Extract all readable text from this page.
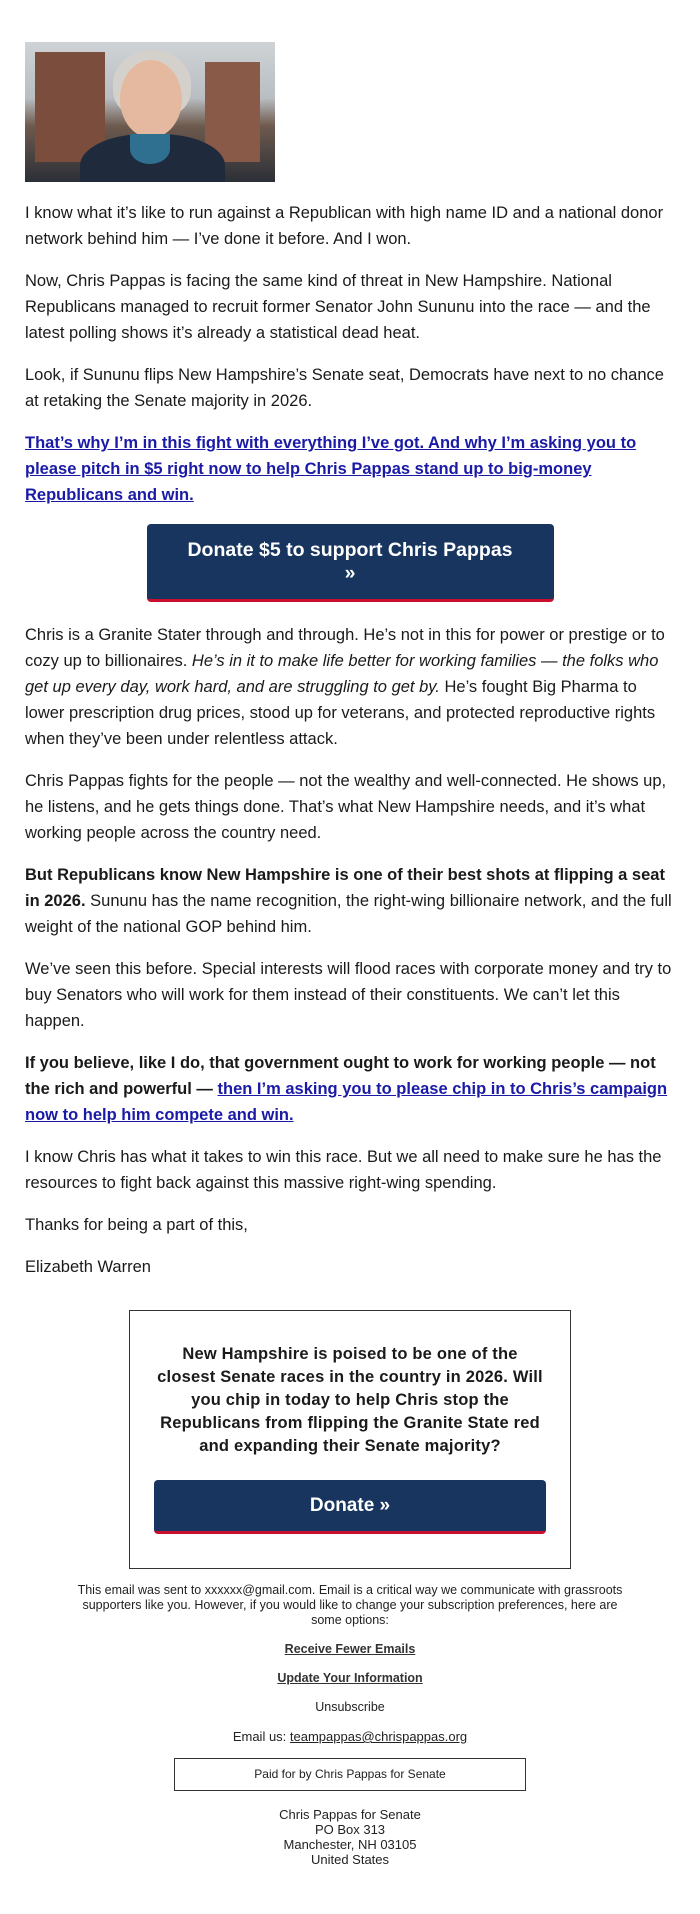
I know what it’s like to run against a Republican with high name ID and a national donor network behind him — I’ve done it before. And I won.

Now, Chris Pappas is facing the same kind of threat in New Hampshire. National Republicans managed to recruit former Senator John Sununu into the race — and the latest polling shows it’s already a statistical dead heat.

Look, if Sununu flips New Hampshire’s Senate seat, Democrats have next to no chance at retaking the Senate majority in 2026.

That’s why I’m in this fight with everything I’ve got. And why I’m asking you to please pitch in $5 right now to help Chris Pappas stand up to big-money Republicans and win.

Donate $5 to support Chris Pappas »

Chris is a Granite Stater through and through. He’s not in this for power or prestige or to cozy up to billionaires. He’s in it to make life better for working families — the folks who get up every day, work hard, and are struggling to get by. He’s fought Big Pharma to lower prescription drug prices, stood up for veterans, and protected reproductive rights when they’ve been under relentless attack.

Chris Pappas fights for the people — not the wealthy and well-connected. He shows up, he listens, and he gets things done. That’s what New Hampshire needs, and it’s what working people across the country need.

But Republicans know New Hampshire is one of their best shots at flipping a seat in 2026. Sununu has the name recognition, the right-wing billionaire network, and the full weight of the national GOP behind him.

We’ve seen this before. Special interests will flood races with corporate money and try to buy Senators who will work for them instead of their constituents. We can’t let this happen.

If you believe, like I do, that government ought to work for working people — not the rich and powerful — then I’m asking you to please chip in to Chris’s campaign now to help him compete and win.

I know Chris has what it takes to win this race. But we all need to make sure he has the resources to fight back against this massive right-wing spending.

Thanks for being a part of this,

Elizabeth Warren

New Hampshire is poised to be one of the closest Senate races in the country in 2026. Will you chip in today to help Chris stop the Republicans from flipping the Granite State red and expanding their Senate majority?
Donate »
This email was sent to xxxxxx@gmail.com. Email is a critical way we communicate with grassroots supporters like you. However, if you would like to change your subscription preferences, here are some options:
Receive Fewer Emails
Update Your Information
Unsubscribe
Email us: teampappas@chrispappas.org
Paid for by Chris Pappas for Senate
Chris Pappas for Senate
PO Box 313
Manchester, NH 03105
United States
